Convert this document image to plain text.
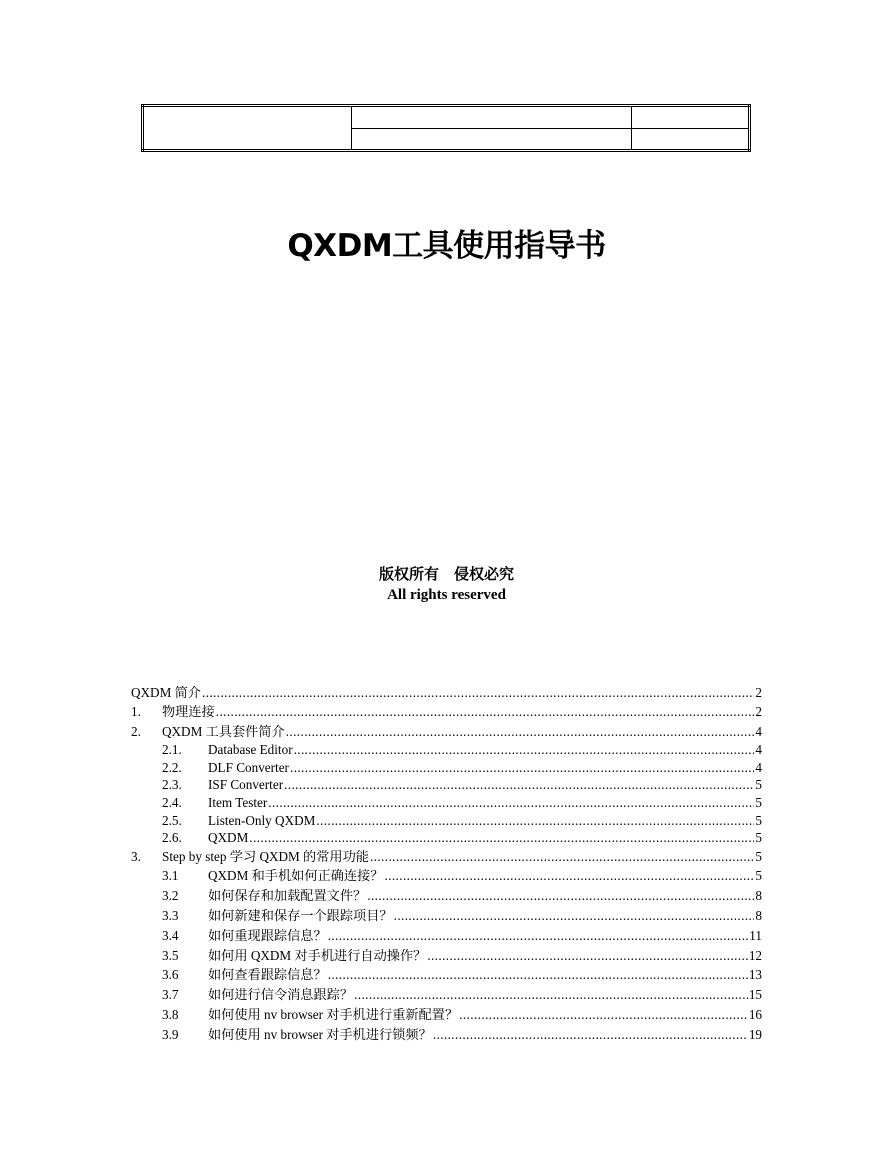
QXDM工具使用指导书
版权所有　侵权必究
All rights reserved
QXDM 简介 .....	2
1.	物理连接 .....	2
2.	QXDM 工具套件简介 .....	4
2.1.	Database Editor .....	4
2.2.	DLF Converter .....	4
2.3.	ISF Converter .....	5
2.4.	Item Tester .....	5
2.5.	Listen-Only QXDM .....	5
2.6.	QXDM .....	5
3.	Step by step 学习 QXDM 的常用功能 .....	5
3.1	QXDM 和手机如何正确连接？ .....	5
3.2	如何保存和加载配置文件？ .....	8
3.3	如何新建和保存一个跟踪项目？ .....	8
3.4	如何重现跟踪信息？ .....	11
3.5	如何用 QXDM 对手机进行自动操作？ .....	12
3.6	如何查看跟踪信息？ .....	13
3.7	如何进行信令消息跟踪？ .....	15
3.8	如何使用 nv browser 对手机进行重新配置？ .....	16
3.9	如何使用 nv browser 对手机进行锁频？ .....	19
